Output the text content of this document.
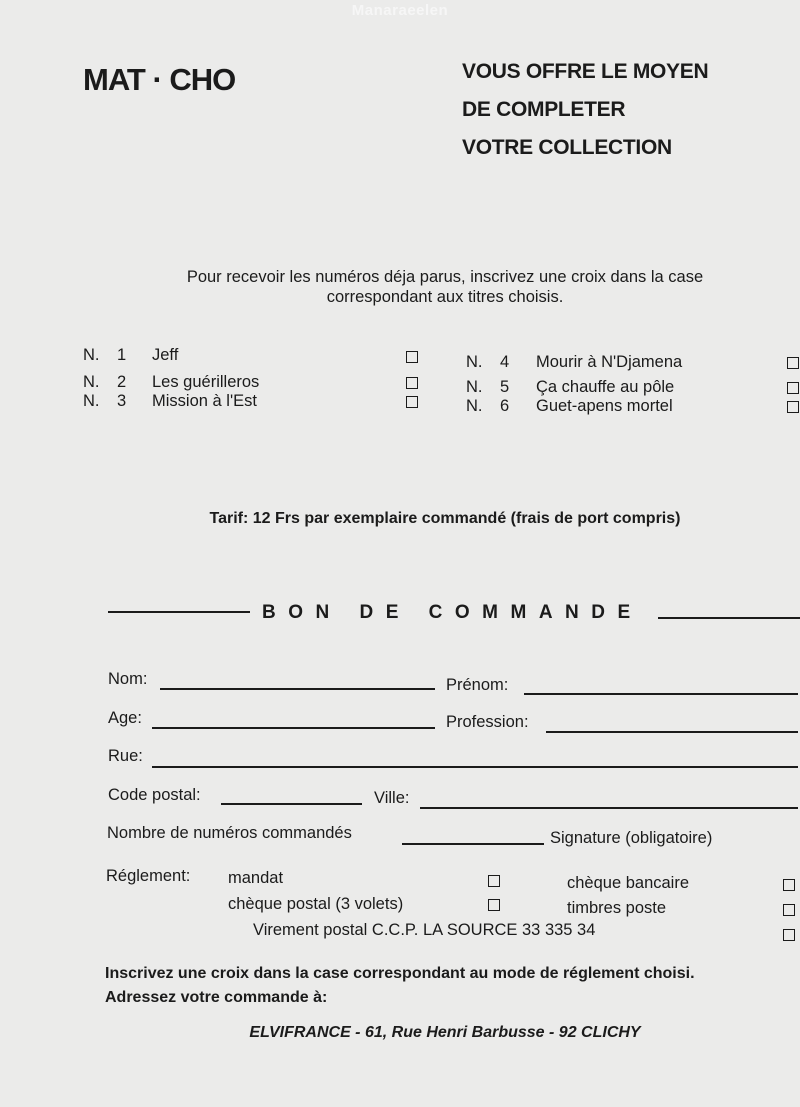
Manaraeelen
MAT · CHO	VOUS OFFRE LE MOYEN
DE COMPLETER
VOTRE COLLECTION
Pour recevoir les numéros déja parus, inscrivez une croix dans la case
correspondant aux titres choisis.
N. 1 Jeff
N. 2 Les guérilleros
N. 3 Mission à l'Est
N. 4 Mourir à N'Djamena
N. 5 Ça chauffe au pôle
N. 6 Guet-apens mortel
Tarif: 12 Frs par exemplaire commandé (frais de port compris)
BON DE COMMANDE
Nom:	Prénom:
Age:	Profession:
Rue:
Code postal:	Ville:
Nombre de numéros commandés	Signature (obligatoire)
Réglement: mandat	chèque bancaire
chèque postal (3 volets)	timbres poste
Virement postal C.C.P. LA SOURCE 33 335 34
Inscrivez une croix dans la case correspondant au mode de réglement choisi.
Adressez votre commande à:
ELVIFRANCE - 61, Rue Henri Barbusse - 92 CLICHY
